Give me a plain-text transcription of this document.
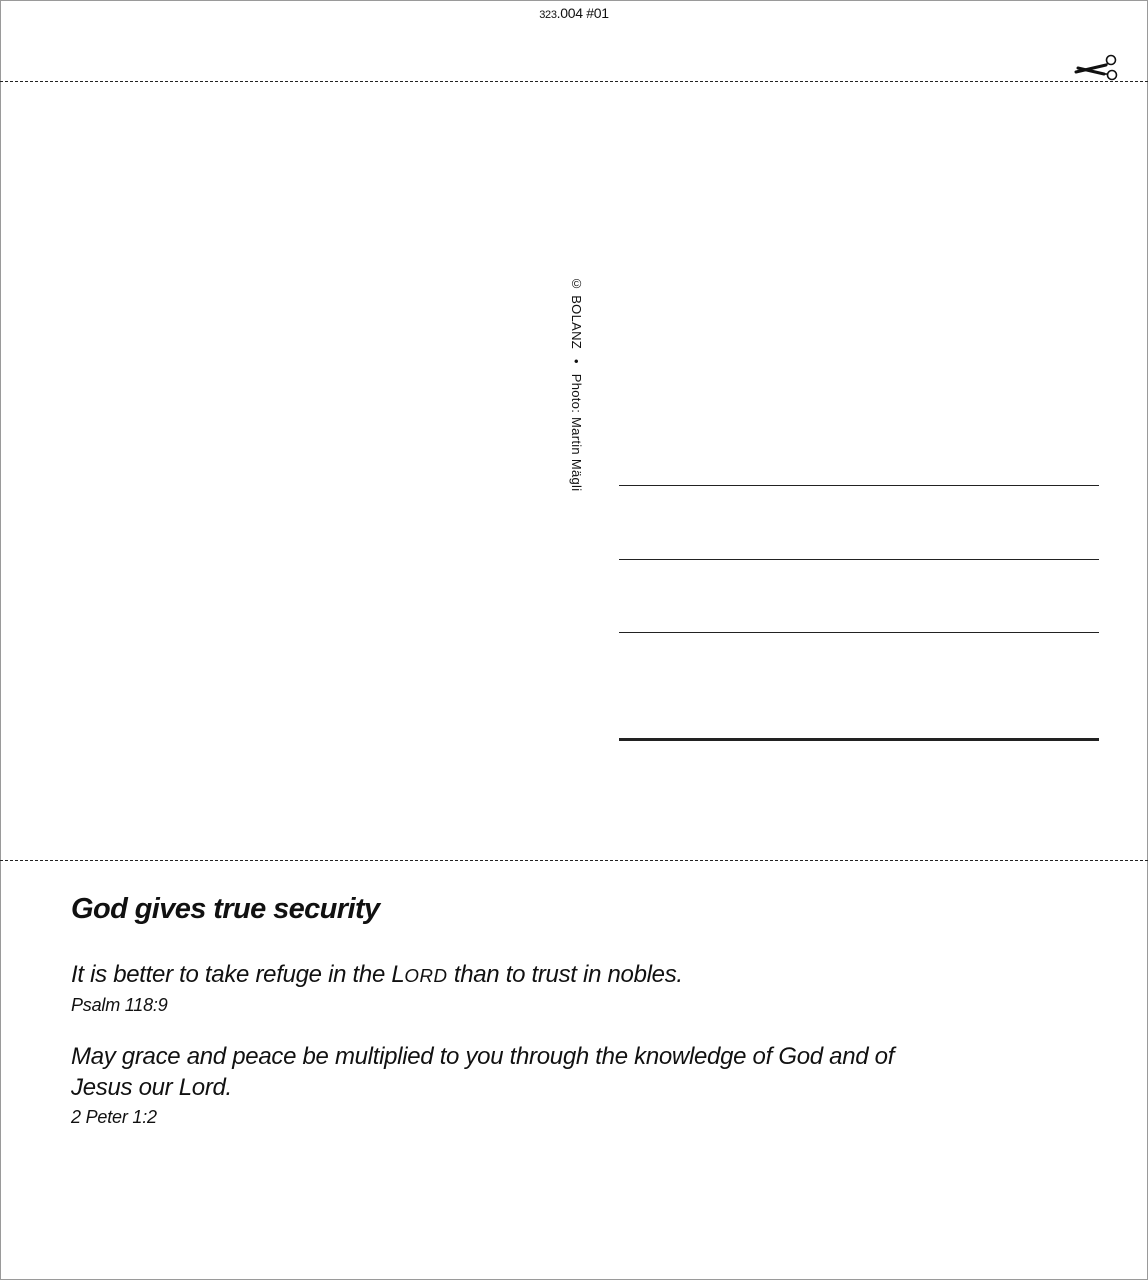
323.004 #01
© BOLANZ • Photo: Martin Mägli
God gives true security

It is better to take refuge in the LORD than to trust in nobles.

Psalm 118:9

May grace and peace be multiplied to you through the knowledge of God and of
Jesus our Lord.

2 Peter 1:2
